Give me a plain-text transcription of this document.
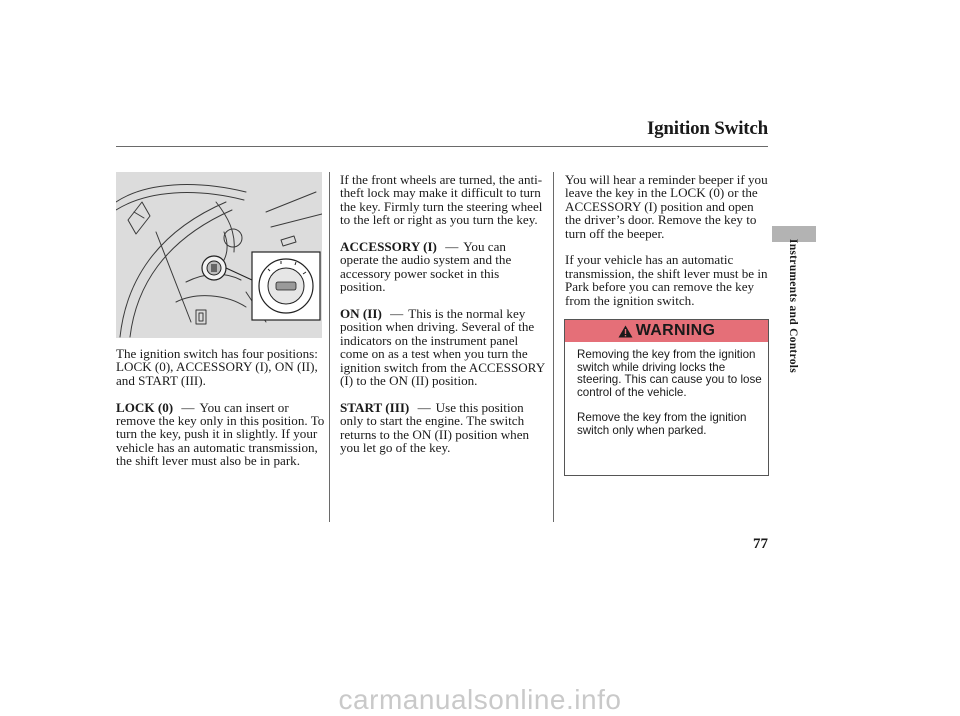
Ignition Switch
Instruments and Controls

The ignition switch has four positions: LOCK (0), ACCESSORY (I), ON (II), and START (III).

LOCK (0) — You can insert or remove the key only in this position. To turn the key, push it in slightly. If your vehicle has an automatic transmission, the shift lever must also be in park.

If the front wheels are turned, the anti-theft lock may make it difficult to turn the key. Firmly turn the steering wheel to the left or right as you turn the key.

ACCESSORY (I) — You can operate the audio system and the accessory power socket in this position.

ON (II) — This is the normal key position when driving. Several of the indicators on the instrument panel come on as a test when you turn the ignition switch from the ACCESSORY (I) to the ON (II) position.

START (III) — Use this position only to start the engine. The switch returns to the ON (II) position when you let go of the key.

You will hear a reminder beeper if you leave the key in the LOCK (0) or the ACCESSORY (I) position and open the driver’s door. Remove the key to turn off the beeper.

If your vehicle has an automatic transmission, the shift lever must be in Park before you can remove the key from the ignition switch.

WARNING

Removing the key from the ignition switch while driving locks the steering. This can cause you to lose control of the vehicle.

Remove the key from the ignition switch only when parked.

77
carmanualsonline.info
